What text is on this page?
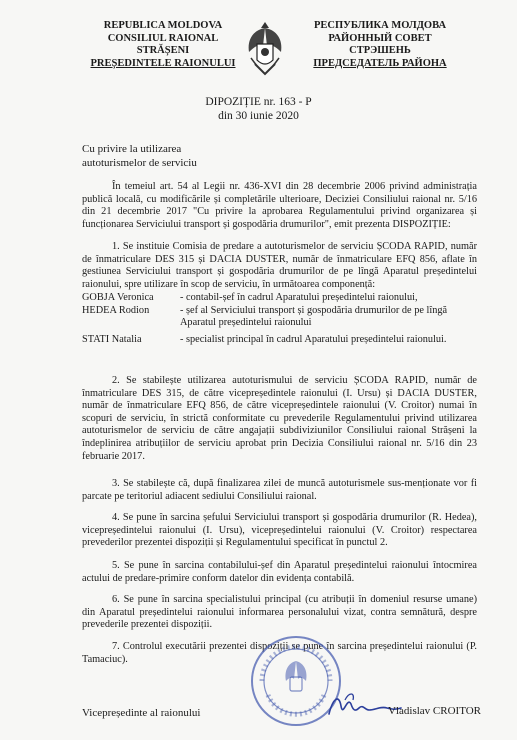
REPUBLICA MOLDOVA
CONSILIUL RAIONAL
STRĂȘENI
PREȘEDINTELE RAIONULUI
РЕСПУБЛИКА МОЛДОВА
РАЙОННЫЙ СОВЕТ
СТРЭШЕНЬ
ПРЕДСЕДАТЕЛЬ РАЙОНА
DIPOZIȚIE nr. 163 - P
din 30 iunie 2020
Cu privire la utilizarea
autoturismelor de serviciu
În temeiul art. 54 al Legii nr. 436-XVI din 28 decembrie 2006 privind administrația publică locală, cu modificările și completările ulterioare, Deciziei Consiliului raional nr. 5/16 din 21 decembrie 2017 "Cu privire la aprobarea Regulamentului privind organizarea și funcționarea Serviciului transport și gospodăria drumurilor", emit prezenta DISPOZIȚIE:
1. Se instituie Comisia de predare a autoturismelor de serviciu ȘCODA RAPID, număr de înmatriculare DES 315 și DACIA DUSTER, număr de înmatriculare EFQ 856, aflate în gestiunea Serviciului transport și gospodăria drumurilor de pe lîngă Aparatul președintelui raionului, spre utilizare în scop de serviciu, în următoarea componență:
GOBJA Veronica	- contabil-șef în cadrul Aparatului președintelui raionului,
HEDEA Rodion	- șef al Serviciului transport și gospodăria drumurilor de pe lîngă
Aparatul președintelui raionului
STATI Natalia	- specialist principal în cadrul Aparatului președintelui raionului.
2. Se stabilește utilizarea autoturismului de serviciu ȘCODA RAPID, număr de înmatriculare DES 315, de către vicepreședintele raionului (I. Ursu) și DACIA DUSTER, număr de înmatriculare EFQ 856, de către vicepreședintele raionului (V. Croitor) numai în scopuri de serviciu, în strictă conformitate cu prevederile Regulamentului privind utilizarea autoturismelor de serviciu de către angajații subdiviziunilor Consiliului raional Strășeni la îndeplinirea atribuțiilor de serviciu aprobat prin Decizia Consiliului raional nr. 5/16 din 23 februarie 2017.
3. Se stabilește că, după finalizarea zilei de muncă autoturismele sus-menționate vor fi parcate pe teritoriul adiacent sediului Consiliului raional.
4. Se pune în sarcina șefului Serviciului transport și gospodăria drumurilor (R. Hedea), vicepreședintelui raionului (I. Ursu), vicepreședintelui raionului (V. Croitor) respectarea prevederilor prezentei dispoziții și Regulamentului specificat în punctul 2.
5. Se pune în sarcina contabilului-șef din Aparatul președintelui raionului întocmirea actului de predare-primire conform datelor din evidența contabilă.
6. Se pune în sarcina specialistului principal (cu atribuții în domeniul resurse umane) din Aparatul președintelui raionului informarea personalului vizat, contra semnătură, despre prevederile prezentei dispoziții.
7. Controlul executării prezentei dispoziții se pune în sarcina președintelui raionului (P. Tamaciuc).
Vicepreședinte al raionului	Vladislav CROITOR
